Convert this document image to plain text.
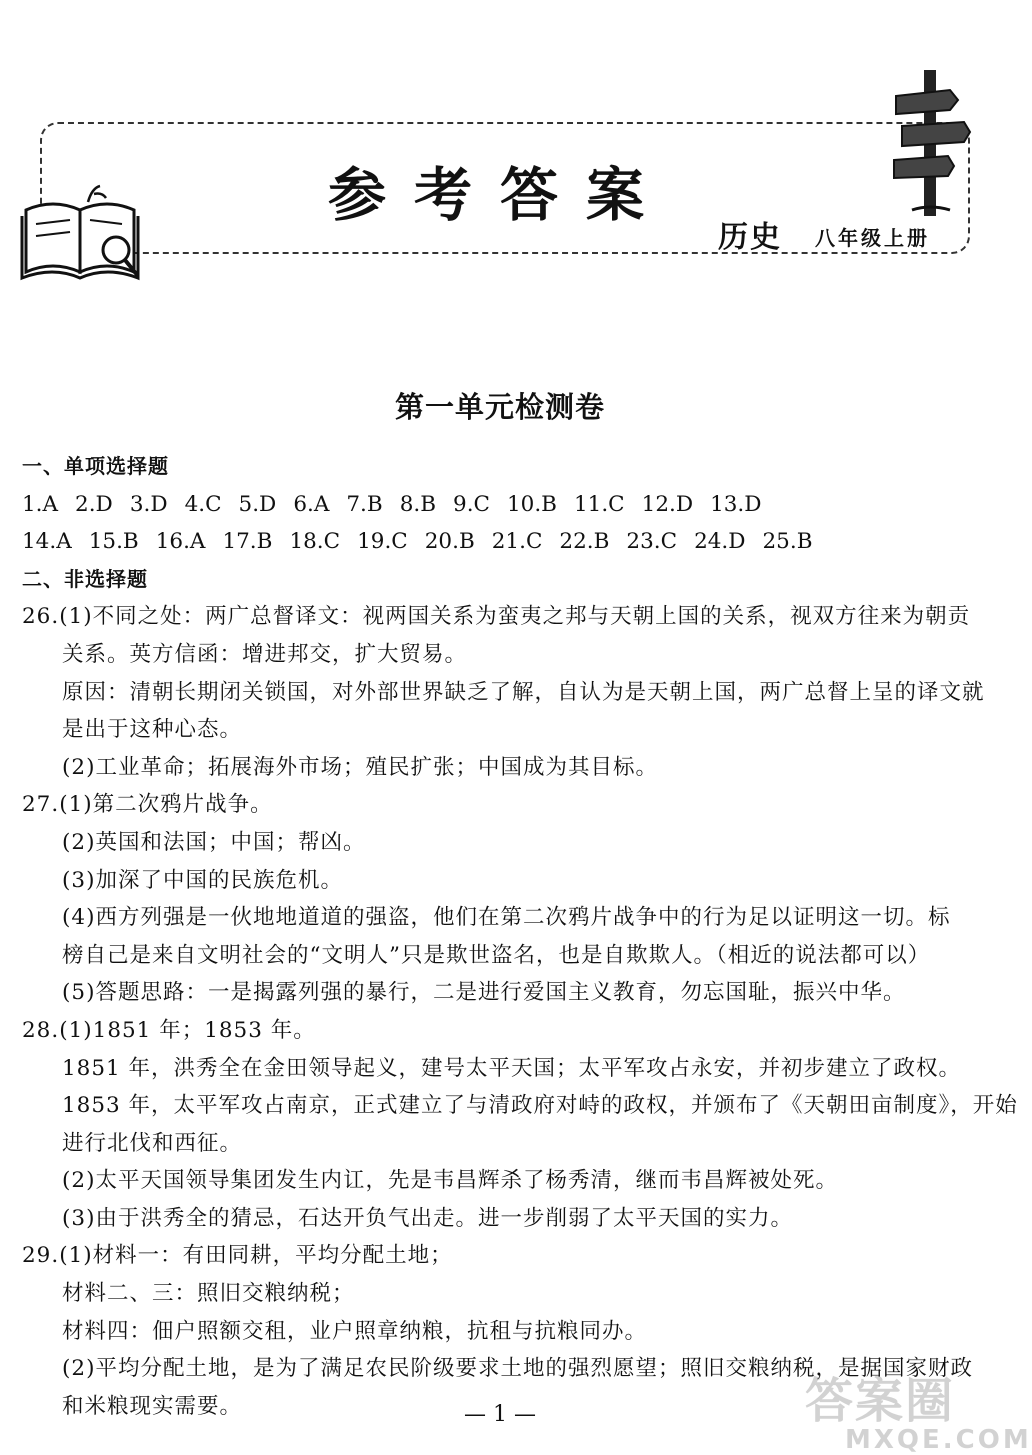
参考答案
历史 八年级上册
第一单元检测卷
一、单项选择题
1.A 2.D 3.D 4.C 5.D 6.A 7.B 8.B 9.C 10.B 11.C 12.D 13.D
14.A 15.B 16.A 17.B 18.C 19.C 20.B 21.C 22.B 23.C 24.D 25.B
二、非选择题
26.(1)不同之处：两广总督译文：视两国关系为蛮夷之邦与天朝上国的关系，视双方往来为朝贡
关系。英方信函：增进邦交，扩大贸易。
原因：清朝长期闭关锁国，对外部世界缺乏了解，自认为是天朝上国，两广总督上呈的译文就
是出于这种心态。
(2)工业革命；拓展海外市场；殖民扩张；中国成为其目标。
27.(1)第二次鸦片战争。
(2)英国和法国；中国；帮凶。
(3)加深了中国的民族危机。
(4)西方列强是一伙地地道道的强盗，他们在第二次鸦片战争中的行为足以证明这一切。标
榜自己是来自文明社会的“文明人”只是欺世盗名，也是自欺欺人。（相近的说法都可以）
(5)答题思路：一是揭露列强的暴行，二是进行爱国主义教育，勿忘国耻，振兴中华。
28.(1)1851 年；1853 年。
1851 年，洪秀全在金田领导起义，建号太平天国；太平军攻占永安，并初步建立了政权。
1853 年，太平军攻占南京，正式建立了与清政府对峙的政权，并颁布了《天朝田亩制度》，开始
进行北伐和西征。
(2)太平天国领导集团发生内讧，先是韦昌辉杀了杨秀清，继而韦昌辉被处死。
(3)由于洪秀全的猜忌，石达开负气出走。进一步削弱了太平天国的实力。
29.(1)材料一：有田同耕，平均分配土地；
材料二、三：照旧交粮纳税；
材料四：佃户照额交租，业户照章纳粮，抗租与抗粮同办。
(2)平均分配土地，是为了满足农民阶级要求土地的强烈愿望；照旧交粮纳税，是据国家财政
和米粮现实需要。	— 1 —	答案圈
MXQE.COM
